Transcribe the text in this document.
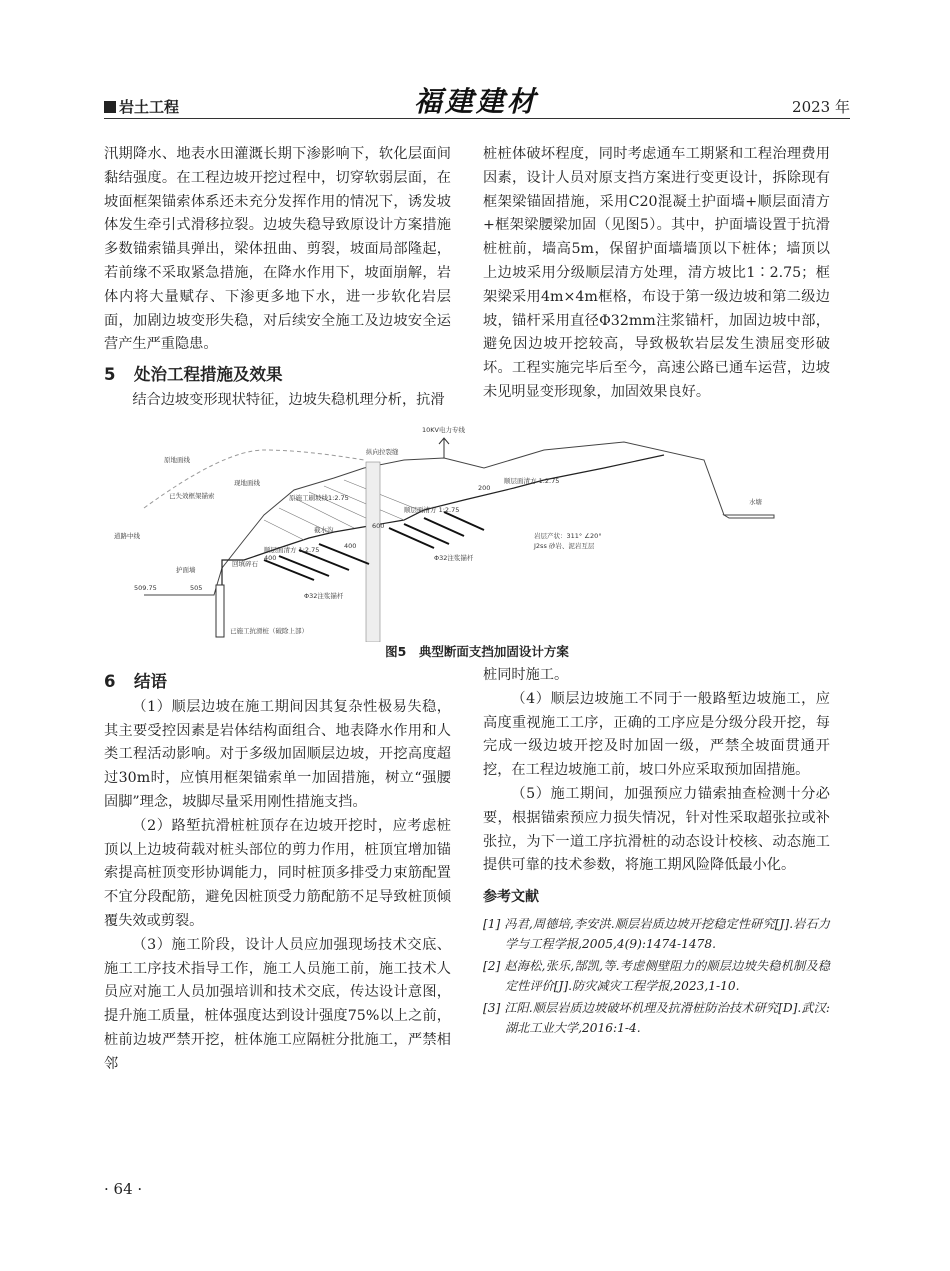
岩土工程	福建建材	2023 年

汛期降水、地表水田灌溉长期下渗影响下，软化层面间黏结强度。在工程边坡开挖过程中，切穿软弱层面，在坡面框架锚索体系还未充分发挥作用的情况下，诱发坡体发生牵引式滑移拉裂。边坡失稳导致原设计方案措施多数锚索锚具弹出，梁体扭曲、剪裂，坡面局部隆起，若前缘不采取紧急措施，在降水作用下，坡面崩解，岩体内将大量赋存、下渗更多地下水，进一步软化岩层面，加剧边坡变形失稳，对后续安全施工及边坡安全运营产生严重隐患。

5 处治工程措施及效果

结合边坡变形现状特征，边坡失稳机理分析，抗滑

桩桩体破坏程度，同时考虑通车工期紧和工程治理费用因素，设计人员对原支挡方案进行变更设计，拆除现有框架梁锚固措施，采用C20混凝土护面墙+顺层面清方+框架梁腰梁加固（见图5）。其中，护面墙设置于抗滑桩桩前，墙高5m，保留护面墙墙顶以下桩体；墙顶以上边坡采用分级顺层清方处理，清方坡比1∶2.75；框架梁采用4m×4m框格，布设于第一级边坡和第二级边坡，锚杆采用直径Φ32mm注浆锚杆，加固边坡中部，避免因边坡开挖较高，导致极软岩层发生溃屈变形破坏。工程实施完毕后至今，高速公路已通车运营，边坡未见明显变形现象，加固效果良好。

10KV电力专线
原地面线
现地面线
纵向拉裂缝
已失效框架锚索	原施工刷坡线1:2.75
顺层面清方 1:2.75
200
顺层面清方 1:2.75
顺层面清方 1:2.75
水塘
道路中线
护面墙
回填碎石
截水沟
Φ32注浆锚杆
Φ32注浆锚杆
岩层产状：311° ∠20°
J2ss 砂岩、泥岩互层
已施工抗滑桩（破除上部）
509.75	505
400
400
600
图5　典型断面支挡加固设计方案
6 结语

（1）顺层边坡在施工期间因其复杂性极易失稳，其主要受控因素是岩体结构面组合、地表降水作用和人类工程活动影响。对于多级加固顺层边坡，开挖高度超过30m时，应慎用框架锚索单一加固措施，树立“强腰固脚”理念，坡脚尽量采用刚性措施支挡。

（2）路堑抗滑桩桩顶存在边坡开挖时，应考虑桩顶以上边坡荷载对桩头部位的剪力作用，桩顶宜增加锚索提高桩顶变形协调能力，同时桩顶多排受力束筋配置不宜分段配筋，避免因桩顶受力筋配筋不足导致桩顶倾覆失效或剪裂。

（3）施工阶段，设计人员应加强现场技术交底、施工工序技术指导工作，施工人员施工前，施工技术人员应对施工人员加强培训和技术交底，传达设计意图，提升施工质量，桩体强度达到设计强度75%以上之前，桩前边坡严禁开挖，桩体施工应隔桩分批施工，严禁相邻

桩同时施工。

（4）顺层边坡施工不同于一般路堑边坡施工，应高度重视施工工序，正确的工序应是分级分段开挖，每完成一级边坡开挖及时加固一级，严禁全坡面贯通开挖，在工程边坡施工前，坡口外应采取预加固措施。

（5）施工期间，加强预应力锚索抽查检测十分必要，根据锚索预应力损失情况，针对性采取超张拉或补张拉，为下一道工序抗滑桩的动态设计校核、动态施工提供可靠的技术参数，将施工期风险降低最小化。

参考文献
[1] 冯君,周德培,李安洪.顺层岩质边坡开挖稳定性研究[J].岩石力学与工程学报,2005,4(9):1474-1478.
[2] 赵海松,张乐,郜凯,等.考虑侧壁阻力的顺层边坡失稳机制及稳定性评价[J].防灾减灾工程学报,2023,1-10.
[3] 江阳.顺层岩质边坡破坏机理及抗滑桩防治技术研究[D].武汉:湖北工业大学,2016:1-4.
· 64 ·
